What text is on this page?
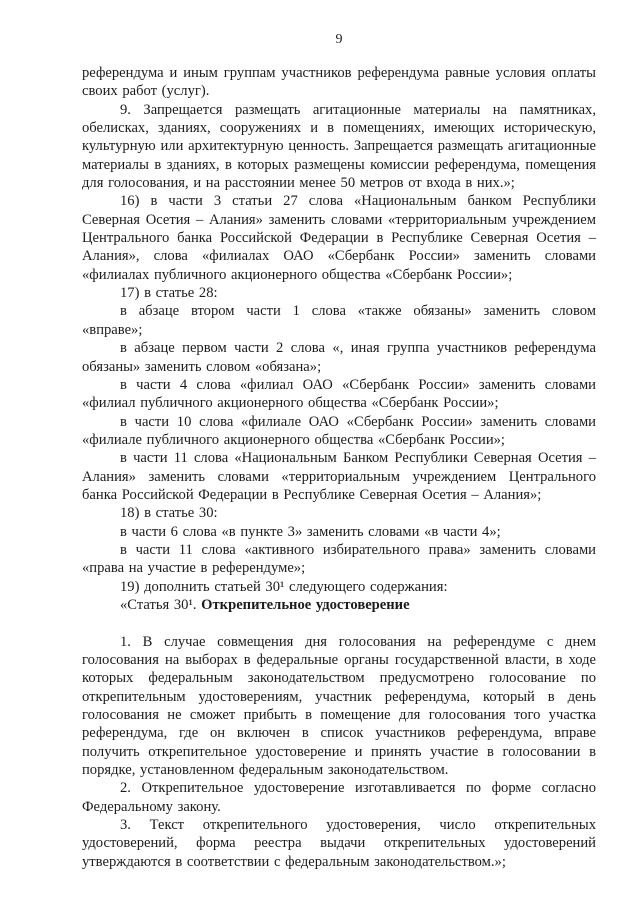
9

референдума и иным группам участников референдума равные условия оплаты своих работ (услуг).

9. Запрещается размещать агитационные материалы на памятниках, обелисках, зданиях, сооружениях и в помещениях, имеющих историческую, культурную или архитектурную ценность. Запрещается размещать агитационные материалы в зданиях, в которых размещены комиссии референдума, помещения для голосования, и на расстоянии менее 50 метров от входа в них.»;

16) в части 3 статьи 27 слова «Национальным банком Республики Северная Осетия – Алания» заменить словами «территориальным учреждением Центрального банка Российской Федерации в Республике Северная Осетия – Алания», слова «филиалах ОАО «Сбербанк России» заменить словами «филиалах публичного акционерного общества «Сбербанк России»;

17) в статье 28:

в абзаце втором части 1 слова «также обязаны» заменить словом «вправе»;

в абзаце первом части 2 слова «, иная группа участников референдума обязаны» заменить словом «обязана»;

в части 4 слова «филиал ОАО «Сбербанк России» заменить словами «филиал публичного акционерного общества «Сбербанк России»;

в части 10 слова «филиале ОАО «Сбербанк России» заменить словами «филиале публичного акционерного общества «Сбербанк России»;

в части 11 слова «Национальным Банком Республики Северная Осетия – Алания» заменить словами «территориальным учреждением Центрального банка Российской Федерации в Республике Северная Осетия – Алания»;

18) в статье 30:

в части 6 слова «в пункте 3» заменить словами «в части 4»;

в части 11 слова «активного избирательного права» заменить словами «права на участие в референдуме»;

19) дополнить статьей 30¹ следующего содержания:

«Статья 30¹. Открепительное удостоверение

1. В случае совмещения дня голосования на референдуме с днем голосования на выборах в федеральные органы государственной власти, в ходе которых федеральным законодательством предусмотрено голосование по открепительным удостоверениям, участник референдума, который в день голосования не сможет прибыть в помещение для голосования того участка референдума, где он включен в список участников референдума, вправе получить открепительное удостоверение и принять участие в голосовании в порядке, установленном федеральным законодательством.

2. Открепительное удостоверение изготавливается по форме согласно Федеральному закону.

3. Текст открепительного удостоверения, число открепительных удостоверений, форма реестра выдачи открепительных удостоверений утверждаются в соответствии с федеральным законодательством.»;
